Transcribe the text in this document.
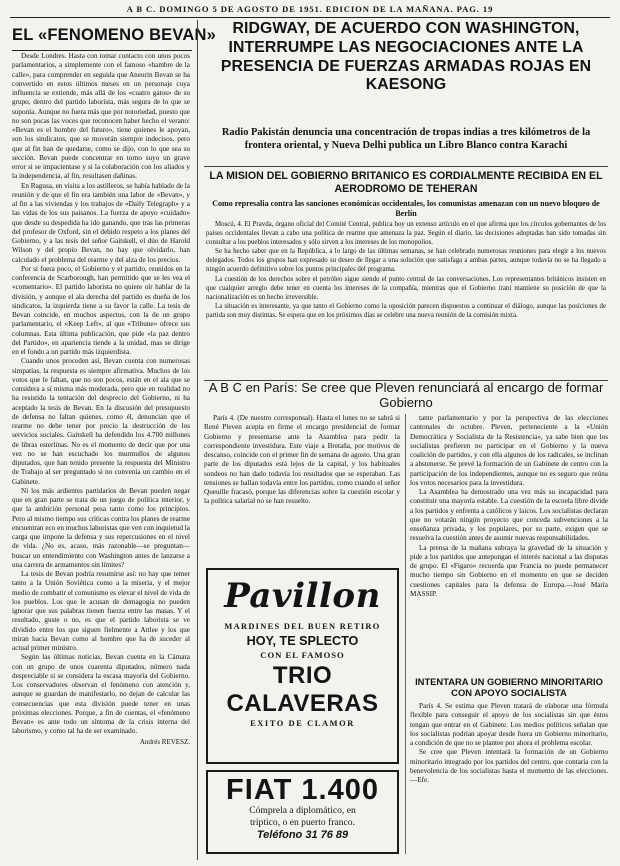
A B C. DOMINGO 5 DE AGOSTO DE 1951. EDICION DE LA MAÑANA. PAG. 19
EL «FENOMENO BEVAN»

Desde Londres. Hasta con tomar contacto con unos pocos parlamentarios, a simplemente con el famoso «hambre de la calle», para comprender en seguida que Aneurin Bevan se ha convertido en estos últimos meses en un personaje cuya influencia se extiende, más allá de los «cuatro gatos» de su grupo, dentro del partido laborista, más segura de lo que se suponía. Aunque no fuera más que por notoriedad, puesto que no son pocas las voces que reconocen haber hecho el verano: «Bevan es el hombre del futuro», tiene quienes le apoyan, son los sindicatos, que se moverán siempre indecisos, pero que al fin han de quedarse, como se dijo, con lo que sea su sección. Bevan puede concentrar en torno suyo un grave error si se impacientase y si la colaboración con los aliados y la independencia, al fin, resultasen dañinas.

En Ragusa, en visita a los astilleros, se había hablado de la reunión y de que el fin era también una labor de «Bevan», y al fin a las viviendas y los trabajos de «Daily Telegraph» y a las vidas de los sus paisanos. La fuerza de apoyo «cuidado» que desde su despedida ha ido ganando, que tras las primeras del profesor de Oxford, sin el debido respeto a los planes del Gobierno, y a las tesis del señor Gaitskell, el dúo de Harold Wilson y del propio Bevan, no hay que olvidarlo, han calculado el problema del rearme y del alza de los precios.

Por si fuera poco, el Gobierno y el partido, reunidos en la conferencia de Scarborough, han permitido que se les vea el «comentario». El partido laborista no quiere oír hablar de la división, y aunque el ala derecha del partido es dueña de los sindicatos, la izquierda tiene a su favor la calle. La tesis de Bevan coincide, en muchos aspectos, con la de un grupo parlamentario, el «Keep Left», al que «Tribune» ofrece sus columnas. Esta última publicación, que pide «la paz dentro del Partido», en apariencia tiende a la unidad, mas se dirige en el fondo a un partido más izquierdista.

Cuando unos proceden así, Bevan cuenta con numerosas simpatías, la respuesta es siempre afirmativa. Muchos de los votos que le faltan, que no son pocos, están en el ala que se considera a sí misma más moderada, pero que en realidad no ha resistido la tentación del desprecio del Gobierno, ni ha aceptado la tesis de Bevan. En la discusión del presupuesto de defensa no faltan quienes, como él, denuncian que el rearme no debe tener por precio la destrucción de los servicios sociales. Gaitskell ha defendido los 4.700 millones de libras esterlinas. No es el momento de decir que por una vez no se han escuchado los murmullos de algunos diputados, que han tenido presente la respuesta del Ministro de Trabajo al ser preguntado si no convenía un cambio en el Gabinete.

Ni los más ardientes partidarios de Bevan pueden negar que en gran parte se trata de un juego de política interior, y que la ambición personal pesa tanto como los principios. Pero al mismo tiempo sus críticas contra los planes de rearme encuentran eco en muchos laboristas que ven con inquietud la carga que impone la defensa y sus repercusiones en el nivel de vida. ¿No es, acaso, más razonable—se preguntan—buscar un entendimiento con Washington antes de lanzarse a una carrera de armamentos sin límites?

La tesis de Bevan podría resumirse así: no hay que temer tanto a la Unión Soviética como a la miseria, y el mejor medio de combatir el comunismo es elevar el nivel de vida de los pueblos. Los que le acusan de demagogia no pueden ignorar que sus palabras tienen fuerza entre las masas. Y el resultado, guste o no, es que el partido laborista se ve dividido entre los que siguen fielmente a Attlee y los que miran hacia Bevan como al hombre que ha de suceder al actual primer ministro.

Según las últimas noticias, Bevan cuenta en la Cámara con un grupo de unos cuarenta diputados, número nada despreciable si se considera la escasa mayoría del Gobierno. Los conservadores observan el fenómeno con atención y, aunque se guardan de manifestarlo, no dejan de calcular las consecuencias que esta división puede tener en unas próximas elecciones. Porque, a fin de cuentas, el «fenómeno Bevan» es ante todo un síntoma de la crisis interna del laborismo, y como tal ha de ser examinado.

Andrés REVESZ.
RIDGWAY, DE ACUERDO CON WASHINGTON, INTERRUMPE LAS NEGOCIACIONES ANTE LA PRESENCIA DE FUERZAS ARMADAS ROJAS EN KAESONG
Radio Pakistán denuncia una concentración de tropas indias a tres kilómetros de la frontera oriental, y Nueva Delhi publica un Libro Blanco contra Karachi
LA MISION DEL GOBIERNO BRITANICO ES CORDIALMENTE RECIBIDA EN EL AERODROMO DE TEHERAN
Como represalia contra las sanciones económicas occidentales, los comunistas amenazan con un nuevo bloqueo de Berlín

Moscú, 4. El Pravda, órgano oficial del Comité Central, publica hoy un extenso artículo en el que afirma que los círculos gobernantes de los países occidentales llevan a cabo una política de rearme que amenaza la paz. Según el diario, las decisiones adoptadas han sido tomadas sin consultar a los pueblos interesados y sólo sirven a los intereses de los monopolios.

Se ha hecho saber que en la República, a lo largo de las últimas semanas, se han celebrado numerosas reuniones para elegir a los nuevos delegados. Todos los grupos han expresado su deseo de llegar a una solución que satisfaga a ambas partes, aunque todavía no se ha llegado a ningún acuerdo definitivo sobre los puntos principales del programa.

La cuestión de los derechos sobre el petróleo sigue siendo el punto central de las conversaciones. Los representantes británicos insisten en que cualquier arreglo debe tener en cuenta los intereses de la compañía, mientras que el Gobierno iraní mantiene su posición de que la nacionalización es un hecho irreversible.

La situación es interesante, ya que tanto el Gobierno como la oposición parecen dispuestos a continuar el diálogo, aunque las posiciones de partida son muy distintas. Se espera que en los próximos días se celebre una nueva reunión de la comisión mixta.

A B C en París: Se cree que Pleven renunciará al encargo de formar Gobierno

París 4. (De nuestro corresponsal). Hasta el lunes no se sabrá si René Pleven acepta en firme el encargo presidencial de formar Gobierno y presentarse ante la Asamblea para pedir la correspondiente investidura. Este viaje a Bretaña, por motivos de descanso, coincide con el primer fin de semana de agosto. Una gran parte de los diputados está lejos de la capital, y los habituales sondeos no han dado todavía los resultados que se esperaban. Las tensiones se hallan todavía entre los partidos, como cuando el señor Queuille fracasó, porque las diferencias sobre la cuestión escolar y la política salarial no se han resuelto.

tante parlamentario y por la perspectiva de las elecciones cantonales de octubre. Pleven, perteneciente a la «Unión Democrática y Socialista de la Resistencia», ya sabe bien que los socialistas prefieren no participar en el Gobierno y la nueva coalición de partidos, y con ella algunos de los radicales, se inclinan a abstenerse. Se prevé la formación de un Gabinete de centro con la participación de los independientes, aunque no es seguro que reúna los votos necesarios para la investidura.

La Asamblea ha demostrado una vez más su incapacidad para constituir una mayoría estable. La cuestión de la escuela libre divide a los partidos y enfrenta a católicos y laicos. Los socialistas declaran que no votarán ningún proyecto que conceda subvenciones a la enseñanza privada, y los populares, por su parte, exigen que se resuelva la cuestión antes de asumir nuevas responsabilidades.

La prensa de la mañana subraya la gravedad de la situación y pide a los partidos que antepongan el interés nacional a las disputas de grupo. El «Figaro» recuerda que Francia no puede permanecer mucho tiempo sin Gobierno en el momento en que se deciden cuestiones capitales para la defensa de Europa.—José María MASSIP.

Pavillon
MARDINES DEL BUEN RETIRO
HOY, TE SPLECTO
CON EL FAMOSO
TRIO CALAVERAS
EXITO DE CLAMOR
FIAT 1.400
Cómprela a diplomático, en
tríptico, o en puerto franco.
Teléfono 31 76 89
INTENTARA UN GOBIERNO MINORITARIO CON APOYO SOCIALISTA

París 4. Se estima que Pleven tratará de elaborar una fórmula flexible para conseguir el apoyo de los socialistas sin que éstos tengan que entrar en el Gabinete. Los medios políticos señalan que los socialistas podrían apoyar desde fuera un Gobierno minoritario, a condición de que no se plantee por ahora el problema escolar.

Se cree que Pleven intentará la formación de un Gobierno minoritario integrado por los partidos del centro, que contaría con la benevolencia de los socialistas hasta el momento de las elecciones.—Efe.
